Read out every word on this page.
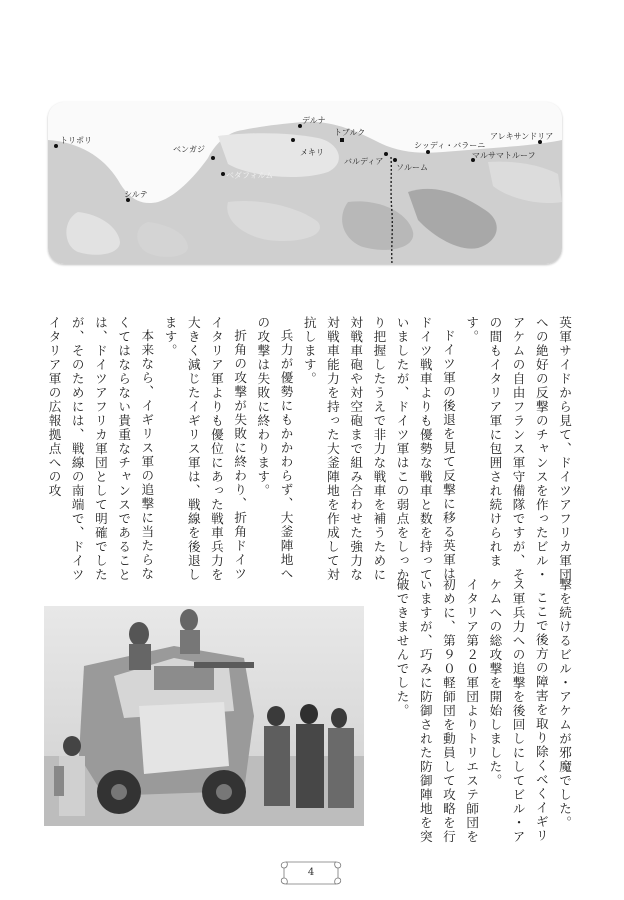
トリポリ
シルテ
ベンガジ
ベダフォルム
デルナ
メキリ
トブルク
バルディア
ソルーム
シッディ・バラーニ
マルサマトルーフ
アレキサンドリア

英軍サイドから見て、ドイツアフリカ軍団への絶好の反撃のチャンスを作ったビル・アケムの自由フランス軍守備隊ですが、その間もイタリア軍に包囲され続けられます。

ドイツ軍の後退を見て反撃に移る英軍はドイツ戦車よりも優勢な戦車と数を持っていましたが、ドイツ軍はこの弱点をしっかり把握したうえで非力な戦車を補うために対戦車砲や対空砲まで組み合わせた強力な対戦車能力を持った大釜陣地を作成して対抗します。

兵力が優勢にもかかわらず、大釜陣地への攻撃は失敗に終わります。

折角の攻撃が失敗に終わり、折角ドイツイタリア軍よりも優位にあった戦車兵力を大きく減じたイギリス軍は、戦線を後退します。

本来なら、イギリス軍の追撃に当たらなくてはならない貴重なチャンスであることは、ドイツアフリカ軍団として明確でしたが、そのためには、戦線の南端で、ドイツイタリア軍の広報拠点への攻

撃を続けるビル・アケムが邪魔でした。

ここで後方の障害を取り除くべくイギリス軍兵力への追撃を後回しにしてビル・アケムへの総攻撃を開始しました。

イタリア第２０軍団よりトリエステ師団を初めに、第９０軽師団を動員して攻略を行いますが、巧みに防御された防御陣地を突破できませんでした。

4
